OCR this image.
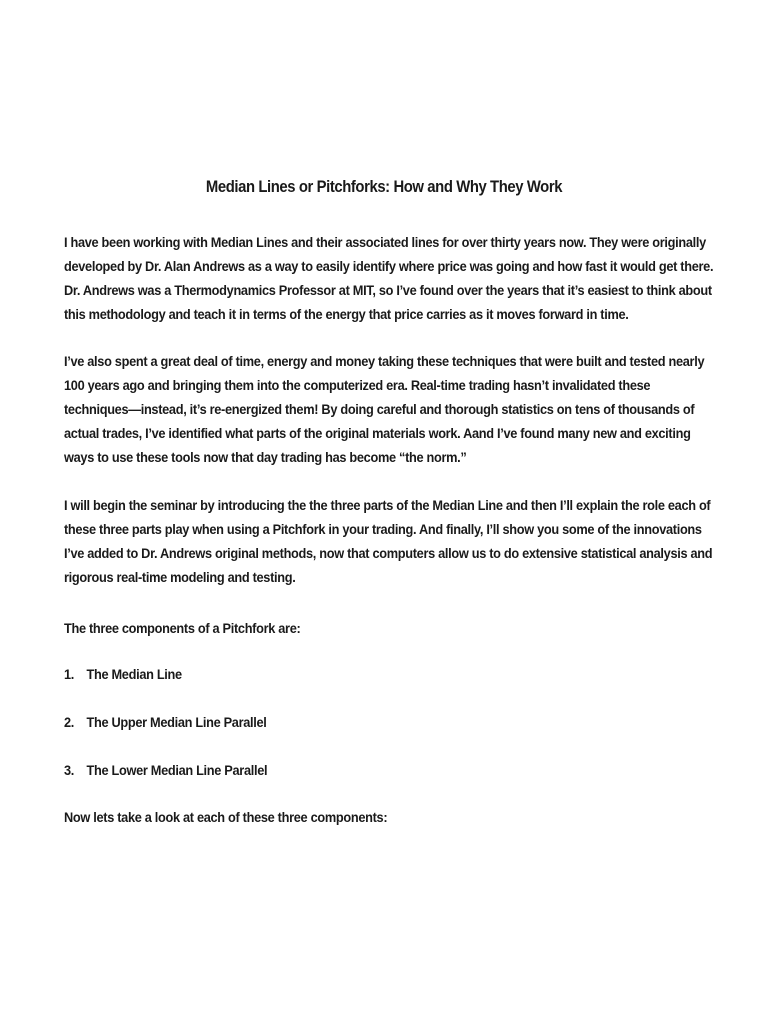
Median Lines or Pitchforks: How and Why They Work

I have been working with Median Lines and their associated lines for over thirty years now. They were originally
developed by Dr. Alan Andrews as a way to easily identify where price was going and how fast it would get there.
Dr. Andrews was a Thermodynamics Professor at MIT, so I’ve found over the years that it’s easiest to think about
this methodology and teach it in terms of the energy that price carries as it moves forward in time.

I’ve also spent a great deal of time, energy and money taking these techniques that were built and tested nearly
100 years ago and bringing them into the computerized era. Real-time trading hasn’t invalidated these
techniques—instead, it’s re-energized them! By doing careful and thorough statistics on tens of thousands of
actual trades, I’ve identified what parts of the original materials work. Aand I’ve found many new and exciting
ways to use these tools now that day trading has become “the norm.”

I will begin the seminar by introducing the the three parts of the Median Line and then I’ll explain the role each of
these three parts play when using a Pitchfork in your trading. And finally, I’ll show you some of the innovations
I’ve added to Dr. Andrews original methods, now that computers allow us to do extensive statistical analysis and
rigorous real-time modeling and testing.

The three components of a Pitchfork are:

1. The Median Line

2. The Upper Median Line Parallel

3. The Lower Median Line Parallel

Now lets take a look at each of these three components:
